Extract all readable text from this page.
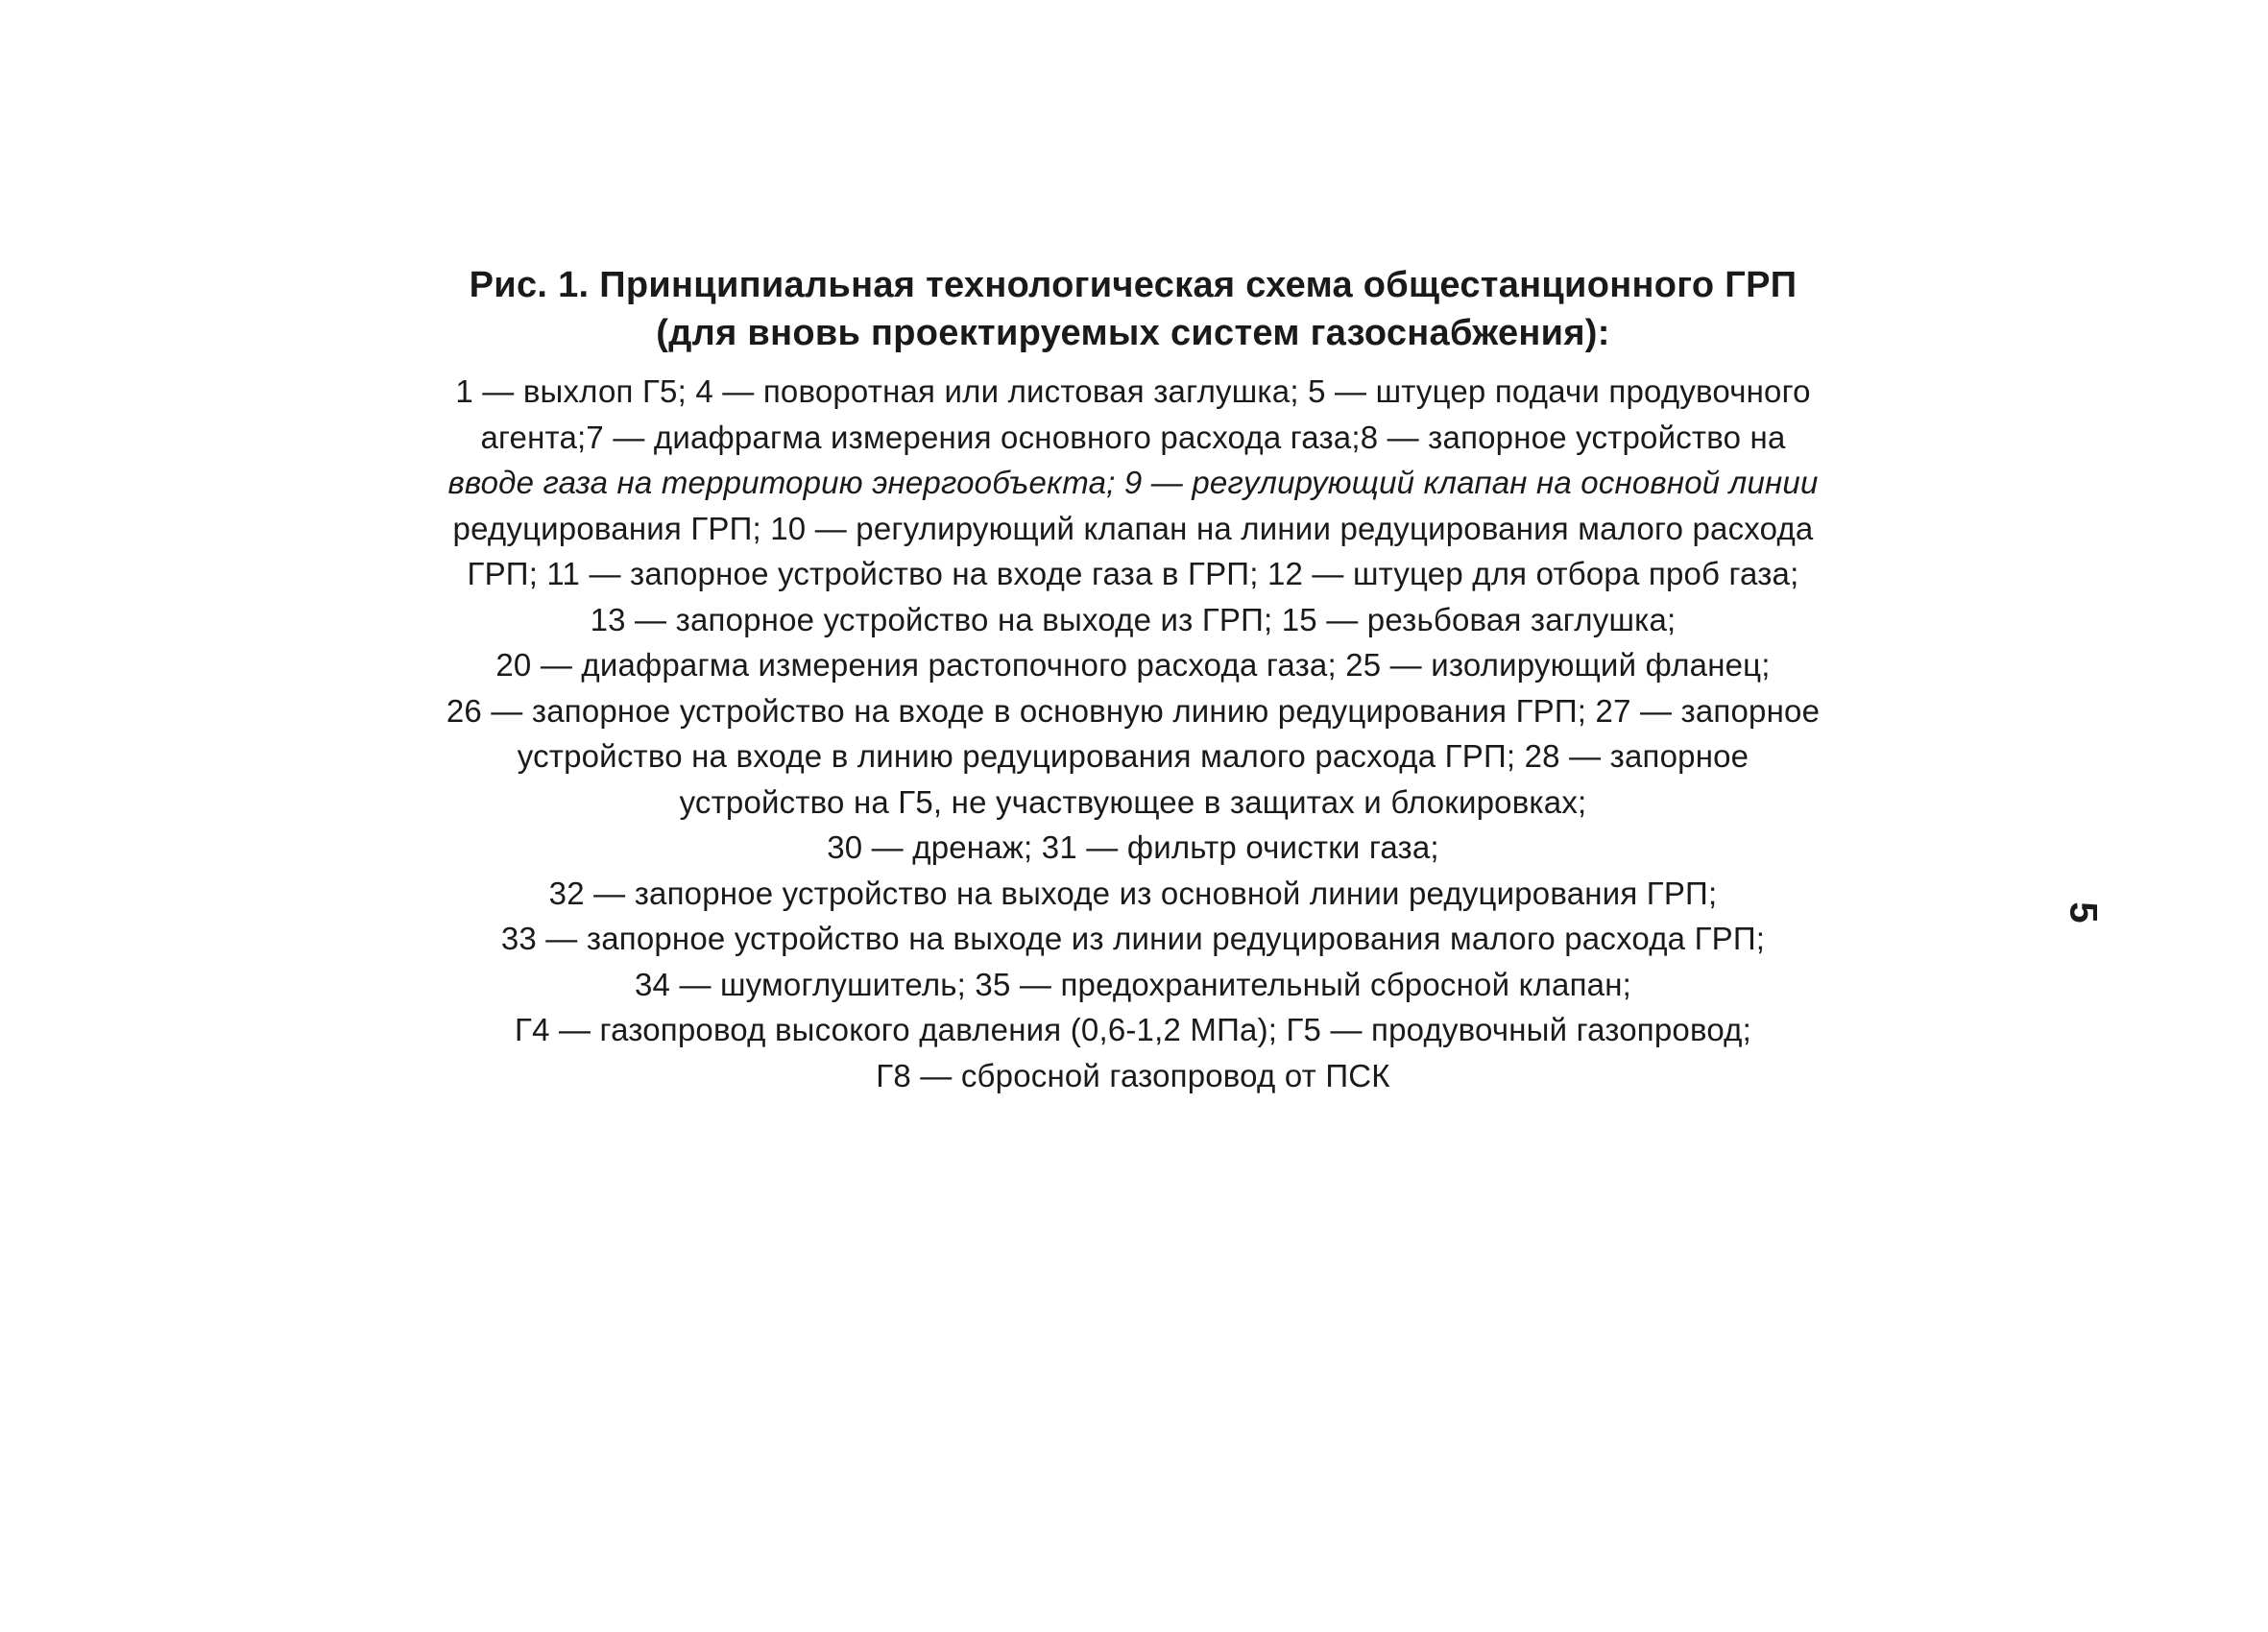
Рис. 1. Принципиальная технологическая схема общестанционного ГРП
(для вновь проектируемых систем газоснабжения):
1 — выхлоп Г5; 4 — поворотная или листовая заглушка; 5 — штуцер подачи продувочного
агента;7 — диафрагма измерения основного расхода газа;8 — запорное устройство на
вводе газа на территорию энергообъекта; 9 — регулирующий клапан на основной линии
редуцирования ГРП; 10 — регулирующий клапан на линии редуцирования малого расхода
ГРП; 11 — запорное устройство на входе газа в ГРП; 12 — штуцер для отбора проб газа;
13 — запорное устройство на выходе из ГРП; 15 — резьбовая заглушка;
20 — диафрагма измерения растопочного расхода газа; 25 — изолирующий фланец;
26 — запорное устройство на входе в основную линию редуцирования ГРП; 27 — запорное
устройство на входе в линию редуцирования малого расхода ГРП; 28 — запорное
устройство на Г5, не участвующее в защитах и блокировках;
30 — дренаж; 31 — фильтр очистки газа;
32 — запорное устройство на выходе из основной линии редуцирования ГРП;
33 — запорное устройство на выходе из линии редуцирования малого расхода ГРП;
34 — шумоглушитель; 35 — предохранительный сбросной клапан;
Г4 — газопровод высокого давления (0,6-1,2 МПа); Г5 — продувочный газопровод;
Г8 — сбросной газопровод от ПСК
5
